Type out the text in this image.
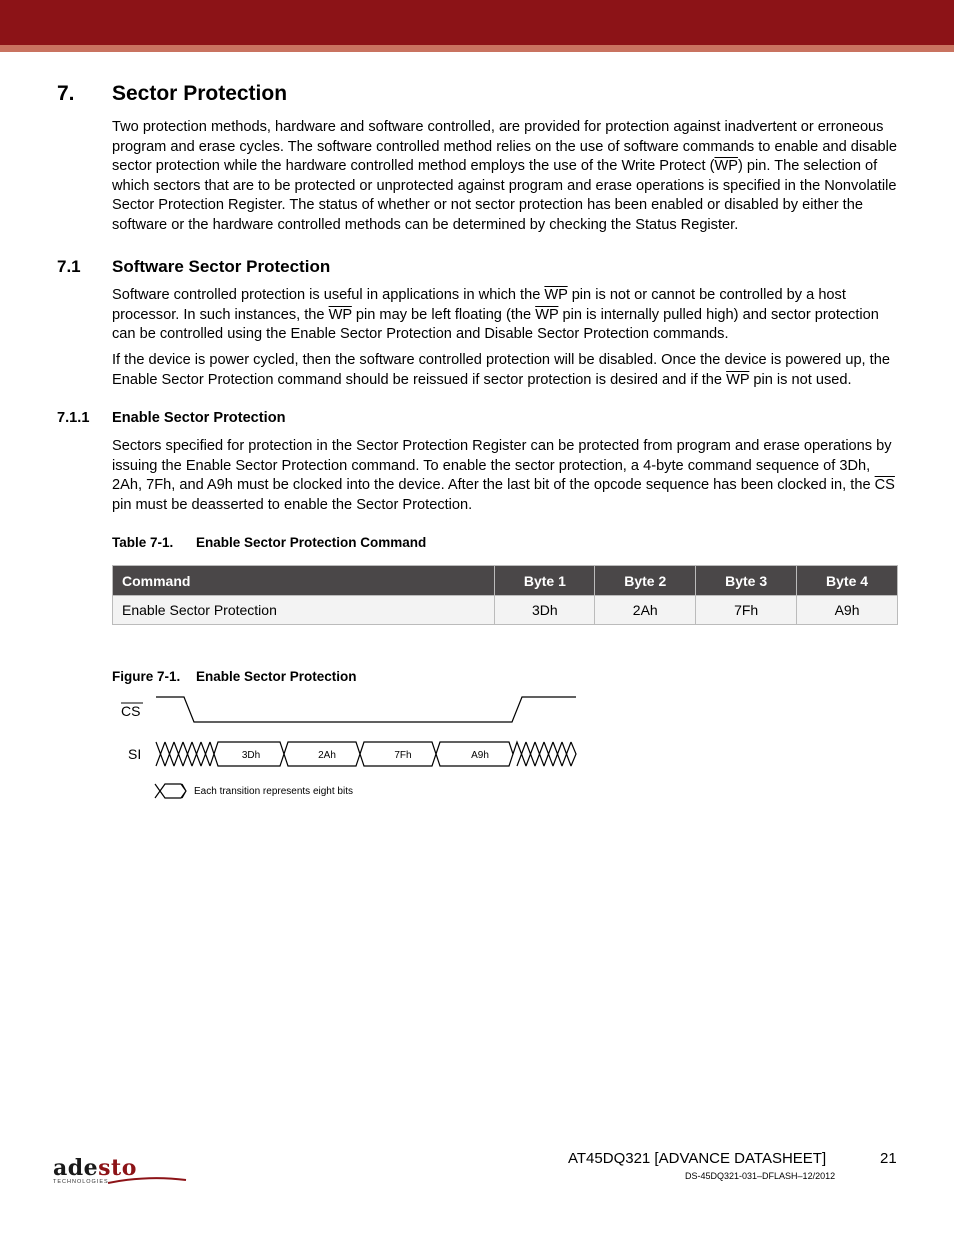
7. Sector Protection

Two protection methods, hardware and software controlled, are provided for protection against inadvertent or erroneous program and erase cycles. The software controlled method relies on the use of software commands to enable and disable sector protection while the hardware controlled method employs the use of the Write Protect $(\overline{WP})$ pin. The selection of which sectors that are to be protected or unprotected against program and erase operations is specified in the Nonvolatile Sector Protection Register. The status of whether or not sector protection has been enabled or disabled by either the software or the hardware controlled methods can be determined by checking the Status Register.

7.1 Software Sector Protection

Software controlled protection is useful in applications in which the $\overline{WP}$ pin is not or cannot be controlled by a host processor. In such instances, the $\overline{WP}$ pin may be left floating (the $\overline{WP}$ pin is internally pulled high) and sector protection can be controlled using the Enable Sector Protection and Disable Sector Protection commands.

If the device is power cycled, then the software controlled protection will be disabled. Once the device is powered up, the Enable Sector Protection command should be reissued if sector protection is desired and if the $\overline{WP}$ pin is not used.

7.1.1 Enable Sector Protection

Sectors specified for protection in the Sector Protection Register can be protected from program and erase operations by issuing the Enable Sector Protection command. To enable the sector protection, a 4-byte command sequence of 3Dh, 2Ah, 7Fh, and A9h must be clocked into the device. After the last bit of the opcode sequence has been clocked in, the $\overline{CS}$ pin must be deasserted to enable the Sector Protection.

Table 7-1. Enable Sector Protection Command
Command	Byte 1	Byte 2	Byte 3	Byte 4
Enable Sector Protection	3Dh	2Ah	7Fh	A9h
Figure 7-1. Enable Sector Protection
CS
SI	3Dh	2Ah	7Fh	A9h
Each transition represents eight bits
adesto
TECHNOLOGIES
AT45DQ321 [ADVANCE DATASHEET]	21
DS-45DQ321-031–DFLASH–12/2012
